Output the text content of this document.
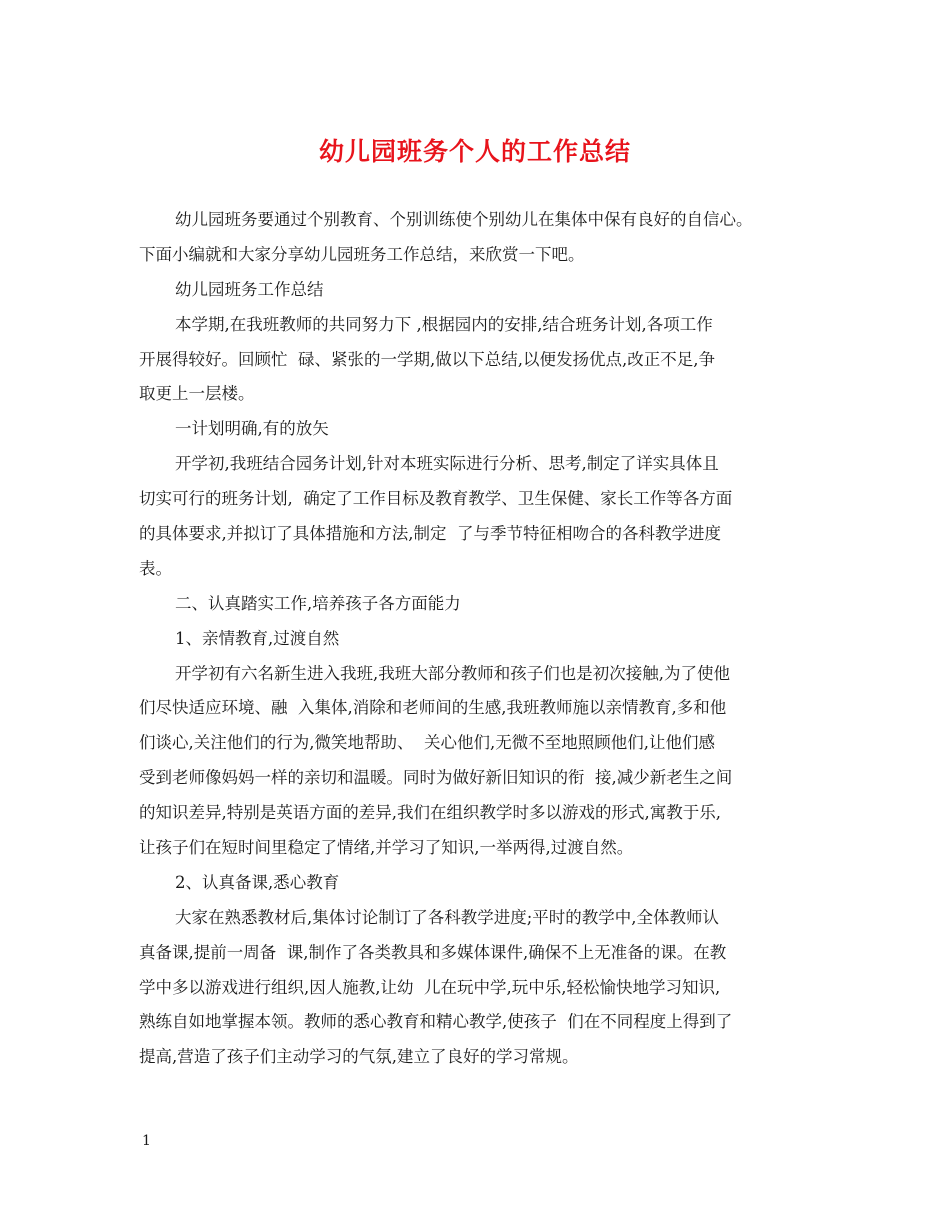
幼儿园班务个人的工作总结
幼儿园班务要通过个别教育、个别训练使个别幼儿在集体中保有良好的自信心。
下面小编就和大家分享幼儿园班务工作总结，来欣赏一下吧。
幼儿园班务工作总结
本学期,在我班教师的共同努力下 ,根据园内的安排,结合班务计划,各项工作
开展得较好。回顾忙  碌、紧张的一学期,做以下总结,以便发扬优点,改正不足,争
取更上一层楼。
一计划明确,有的放矢
开学初,我班结合园务计划,针对本班实际进行分析、思考,制定了详实具体且
切实可行的班务计划,  确定了工作目标及教育教学、卫生保健、家长工作等各方面
的具体要求,并拟订了具体措施和方法,制定  了与季节特征相吻合的各科教学进度
表。
二、认真踏实工作,培养孩子各方面能力
1、亲情教育,过渡自然
开学初有六名新生进入我班,我班大部分教师和孩子们也是初次接触,为了使他
们尽快适应环境、融  入集体,消除和老师间的生感,我班教师施以亲情教育,多和他
们谈心,关注他们的行为,微笑地帮助、  关心他们,无微不至地照顾他们,让他们感
受到老师像妈妈一样的亲切和温暖。同时为做好新旧知识的衔  接,减少新老生之间
的知识差异,特别是英语方面的差异,我们在组织教学时多以游戏的形式,寓教于乐,
让孩子们在短时间里稳定了情绪,并学习了知识,一举两得,过渡自然。
2、认真备课,悉心教育
大家在熟悉教材后,集体讨论制订了各科教学进度;平时的教学中,全体教师认
真备课,提前一周备  课,制作了各类教具和多媒体课件,确保不上无准备的课。在教
学中多以游戏进行组织,因人施教,让幼  儿在玩中学,玩中乐,轻松愉快地学习知识,
熟练自如地掌握本领。教师的悉心教育和精心教学,使孩子  们在不同程度上得到了
提高,营造了孩子们主动学习的气氛,建立了良好的学习常规。
1
